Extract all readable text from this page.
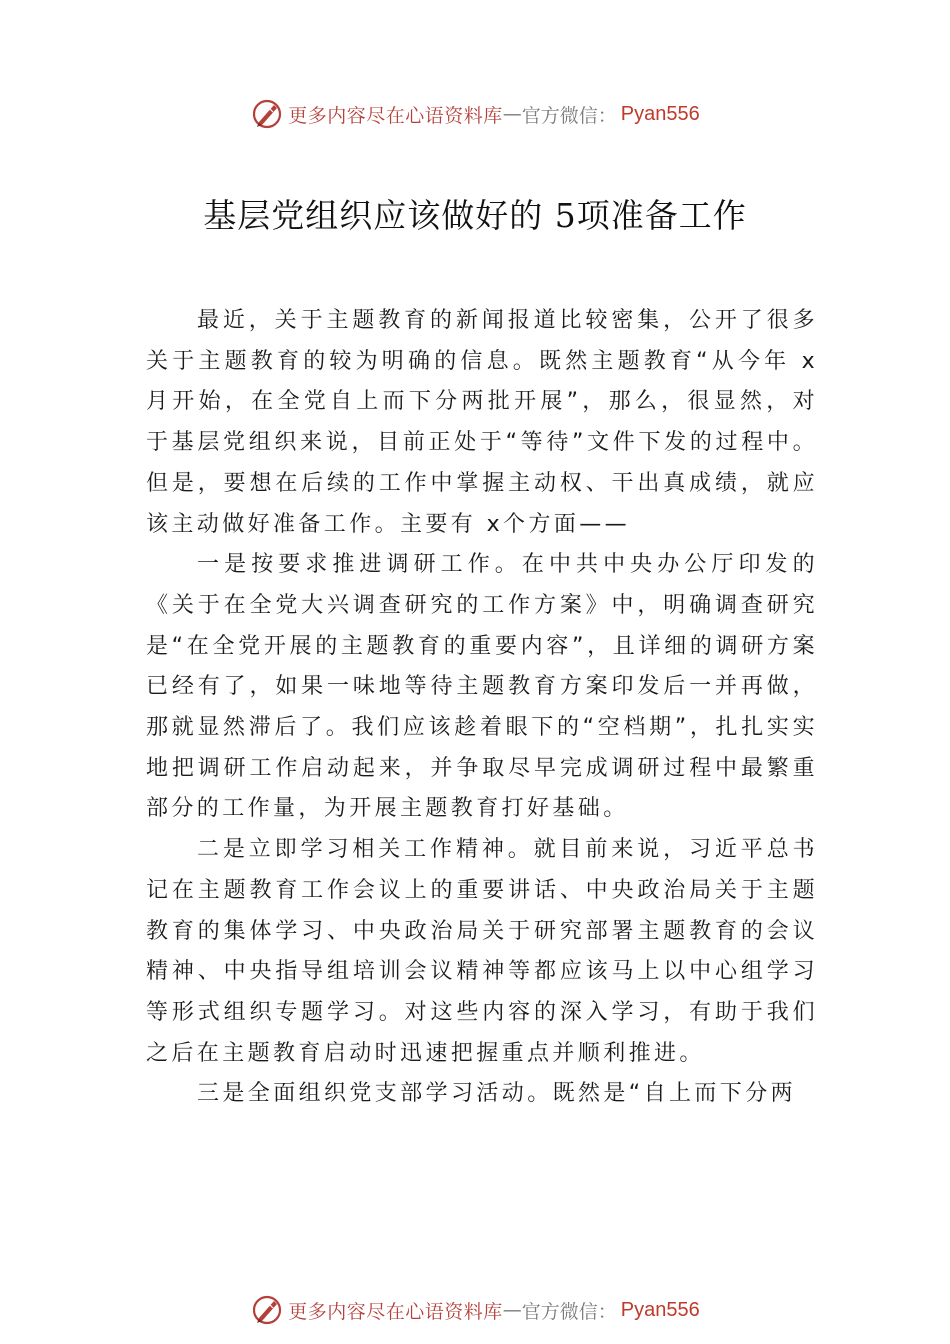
更多内容尽在心语资料库 — 官方微信： Pyan556
基层党组织应该做好的 5项准备工作

最近，关于主题教育的新闻报道比较密集，公开了很多关于主题教育的较为明确的信息。既然主题教育“从今年 x月开始，在全党自上而下分两批开展”，那么，很显然，对于基层党组织来说，目前正处于“等待”文件下发的过程中。 但是，要想在后续的工作中掌握主动权、干出真成绩，就应该主动做好准备工作。主要有 x个方面——

一是按要求推进调研工作。在中共中央办公厅印发的《关于在全党大兴调查研究的工作方案》中，明确调查研究是“在全党开展的主题教育的重要内容”，且详细的调研方案已经有了，如果一味地等待主题教育方案印发后一并再做， 那就显然滞后了。我们应该趁着眼下的“空档期”，扎扎实实地把调研工作启动起来，并争取尽早完成调研过程中最繁重部分的工作量，为开展主题教育打好基础。

二是立即学习相关工作精神。就目前来说，习近平总书记在主题教育工作会议上的重要讲话、中央政治局关于主题教育的集体学习、中央政治局关于研究部署主题教育的会议精神、中央指导组培训会议精神等都应该马上以中心组学习等形式组织专题学习。对这些内容的深入学习，有助于我们之后在主题教育启动时迅速把握重点并顺利推进。

三是全面组织党支部学习活动。既然是“自上而下分两

更多内容尽在心语资料库 — 官方微信： Pyan556
